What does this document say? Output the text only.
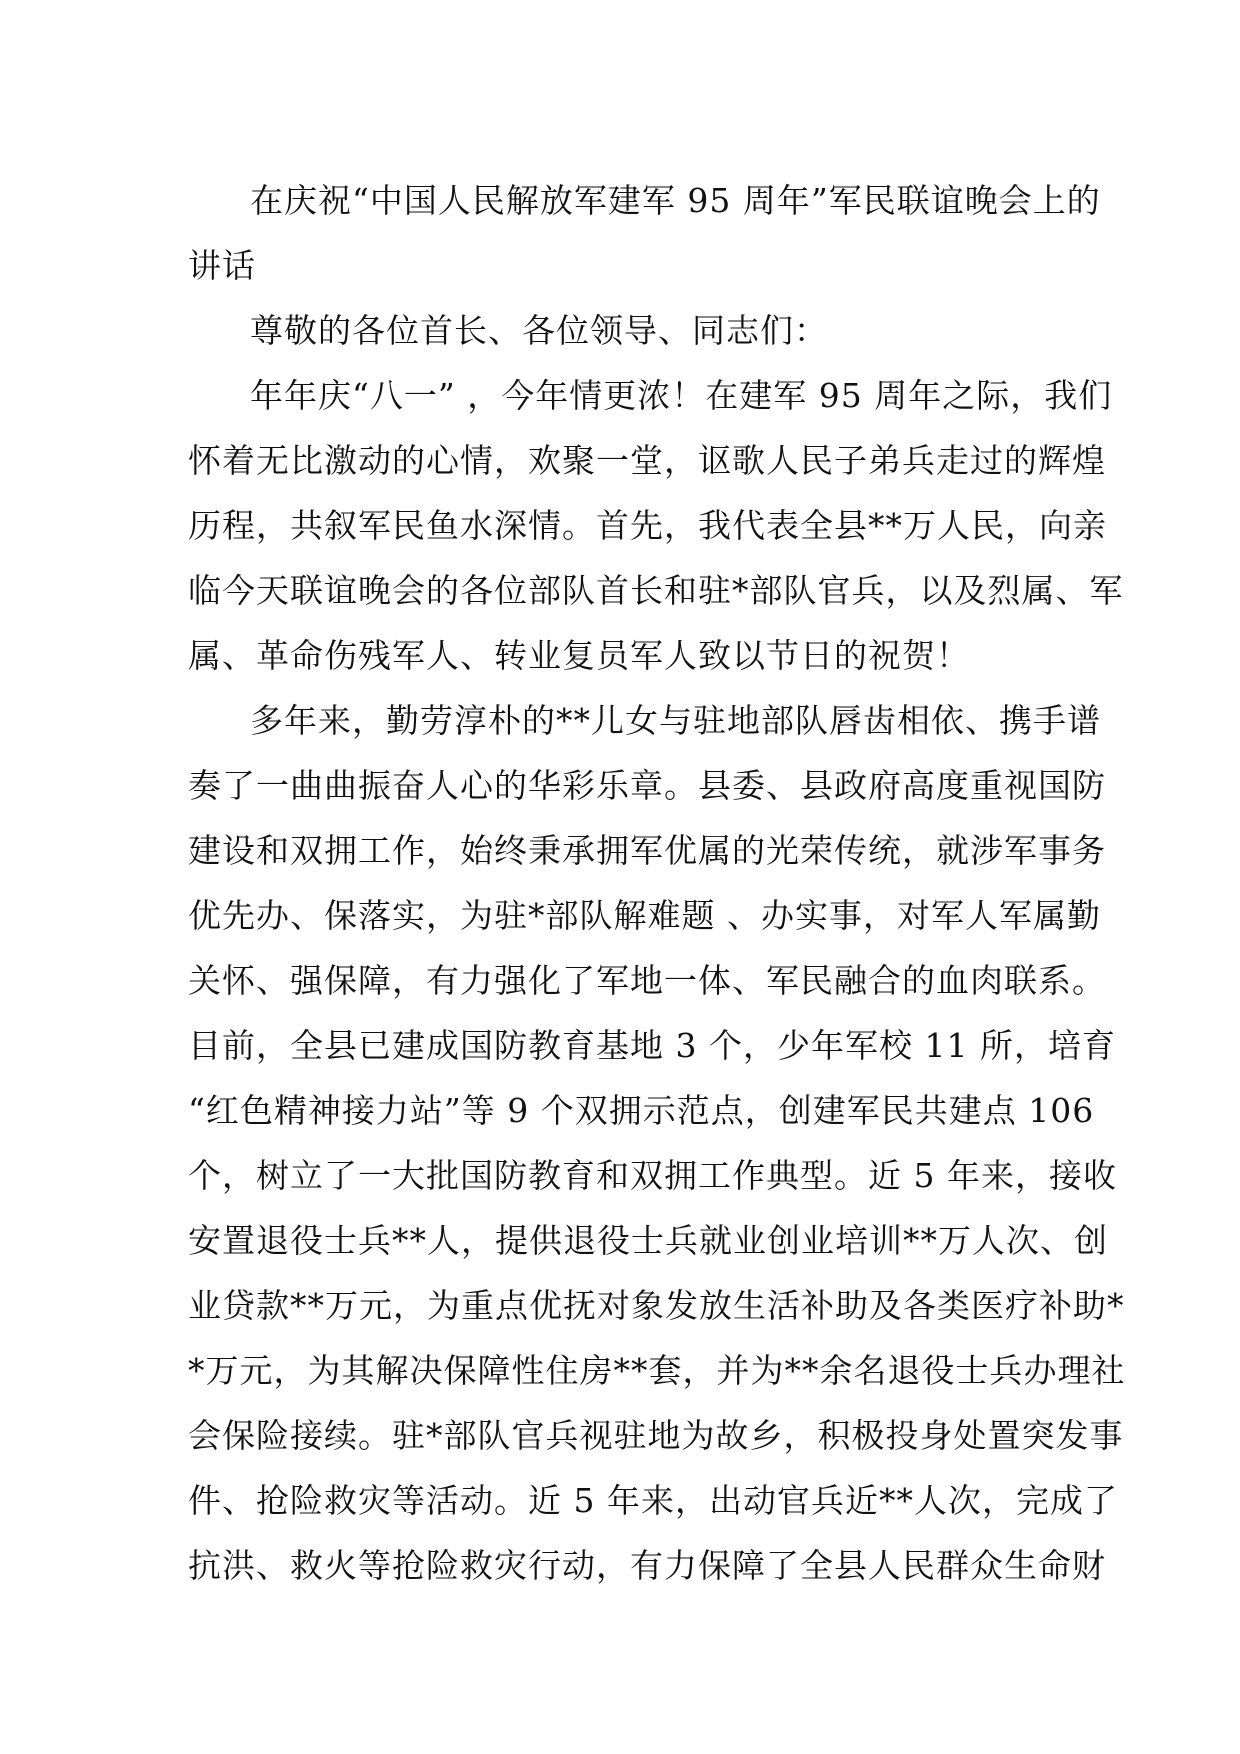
在庆祝“中国人民解放军建军 95 周年”军民联谊晚会上的
讲话
尊敬的各位首长、各位领导、同志们：
年年庆“八一” ，今年情更浓！在建军 95 周年之际，我们
怀着无比激动的心情，欢聚一堂，讴歌人民子弟兵走过的辉煌
历程，共叙军民鱼水深情。首先，我代表全县**万人民，向亲
临今天联谊晚会的各位部队首长和驻*部队官兵，以及烈属、军
属、革命伤残军人、转业复员军人致以节日的祝贺！
多年来，勤劳淳朴的**儿女与驻地部队唇齿相依、携手谱
奏了一曲曲振奋人心的华彩乐章。县委、县政府高度重视国防
建设和双拥工作，始终秉承拥军优属的光荣传统，就涉军事务
优先办、保落实，为驻*部队解难题 、办实事，对军人军属勤
关怀、强保障，有力强化了军地一体、军民融合的血肉联系。
目前，全县已建成国防教育基地 3 个，少年军校 11 所，培育
“红色精神接力站”等 9 个双拥示范点，创建军民共建点 106
个，树立了一大批国防教育和双拥工作典型。近 5 年来，接收
安置退役士兵**人，提供退役士兵就业创业培训**万人次、创
业贷款**万元，为重点优抚对象发放生活补助及各类医疗补助*
*万元，为其解决保障性住房**套，并为**余名退役士兵办理社
会保险接续。驻*部队官兵视驻地为故乡，积极投身处置突发事
件、抢险救灾等活动。近 5 年来，出动官兵近**人次，完成了
抗洪、救火等抢险救灾行动，有力保障了全县人民群众生命财
